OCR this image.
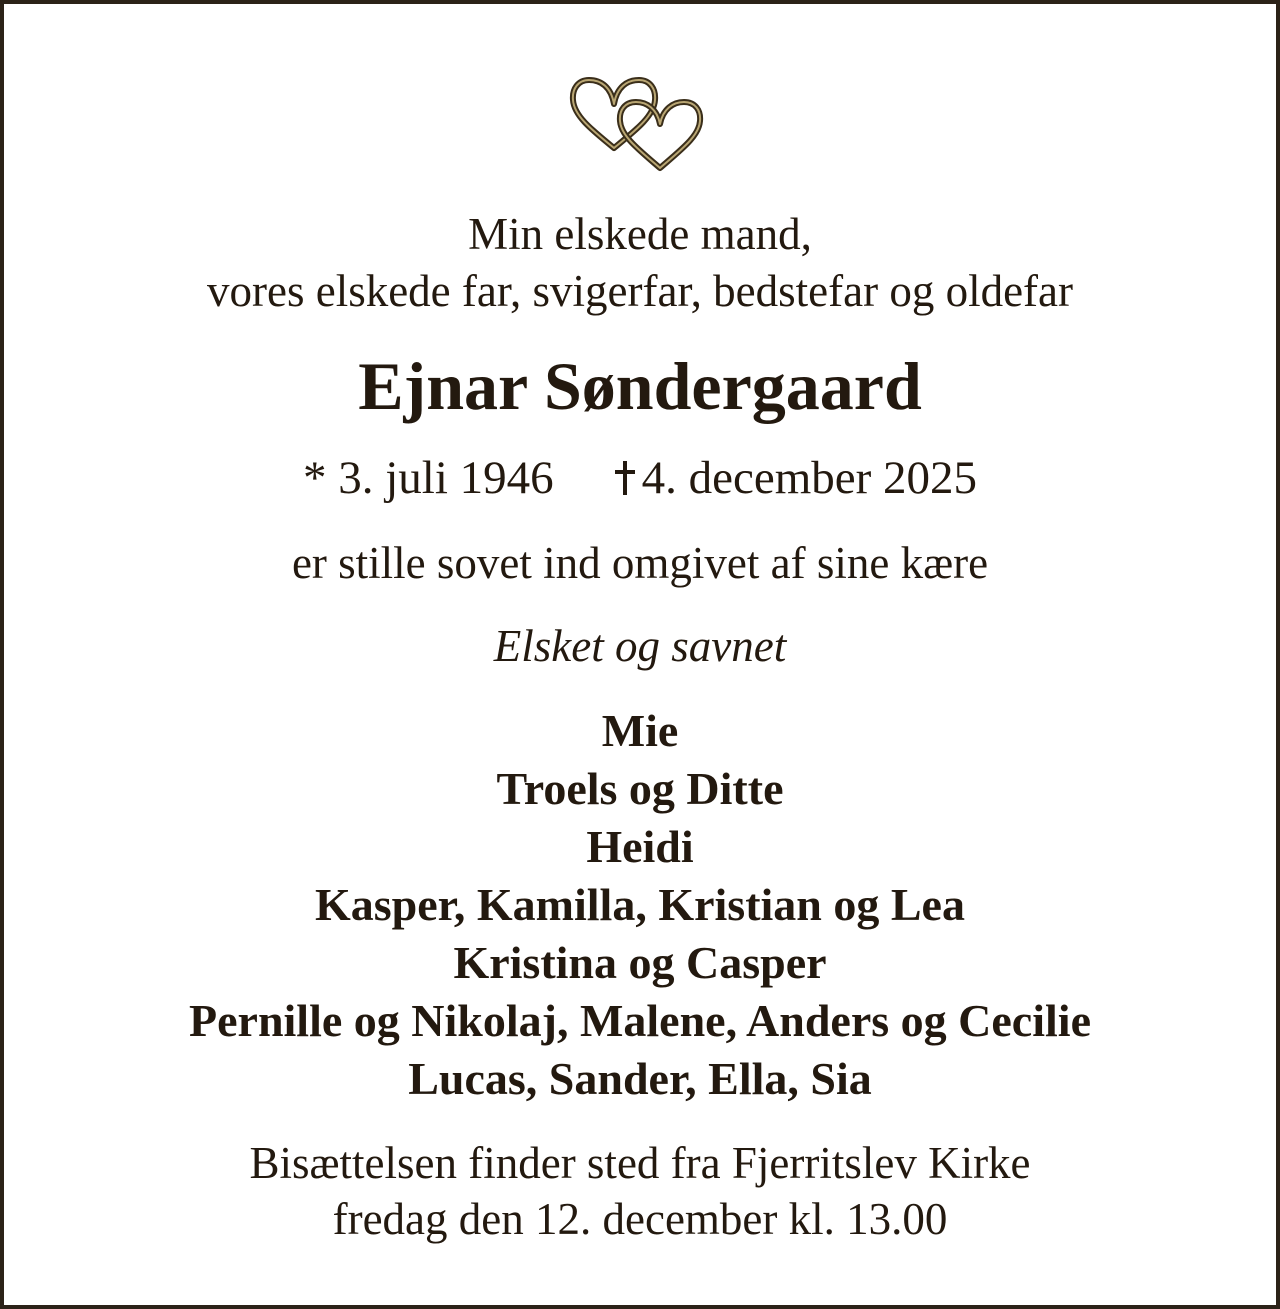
Min elskede mand,
vores elskede far, svigerfar, bedstefar og oldefar
Ejnar Søndergaard
* 3. juli 1946 4. december 2025
er stille sovet ind omgivet af sine kære
Elsket og savnet
Mie
Troels og Ditte
Heidi
Kasper, Kamilla, Kristian og Lea
Kristina og Casper
Pernille og Nikolaj, Malene, Anders og Cecilie
Lucas, Sander, Ella, Sia
Bisættelsen finder sted fra Fjerritslev Kirke
fredag den 12. december kl. 13.00
